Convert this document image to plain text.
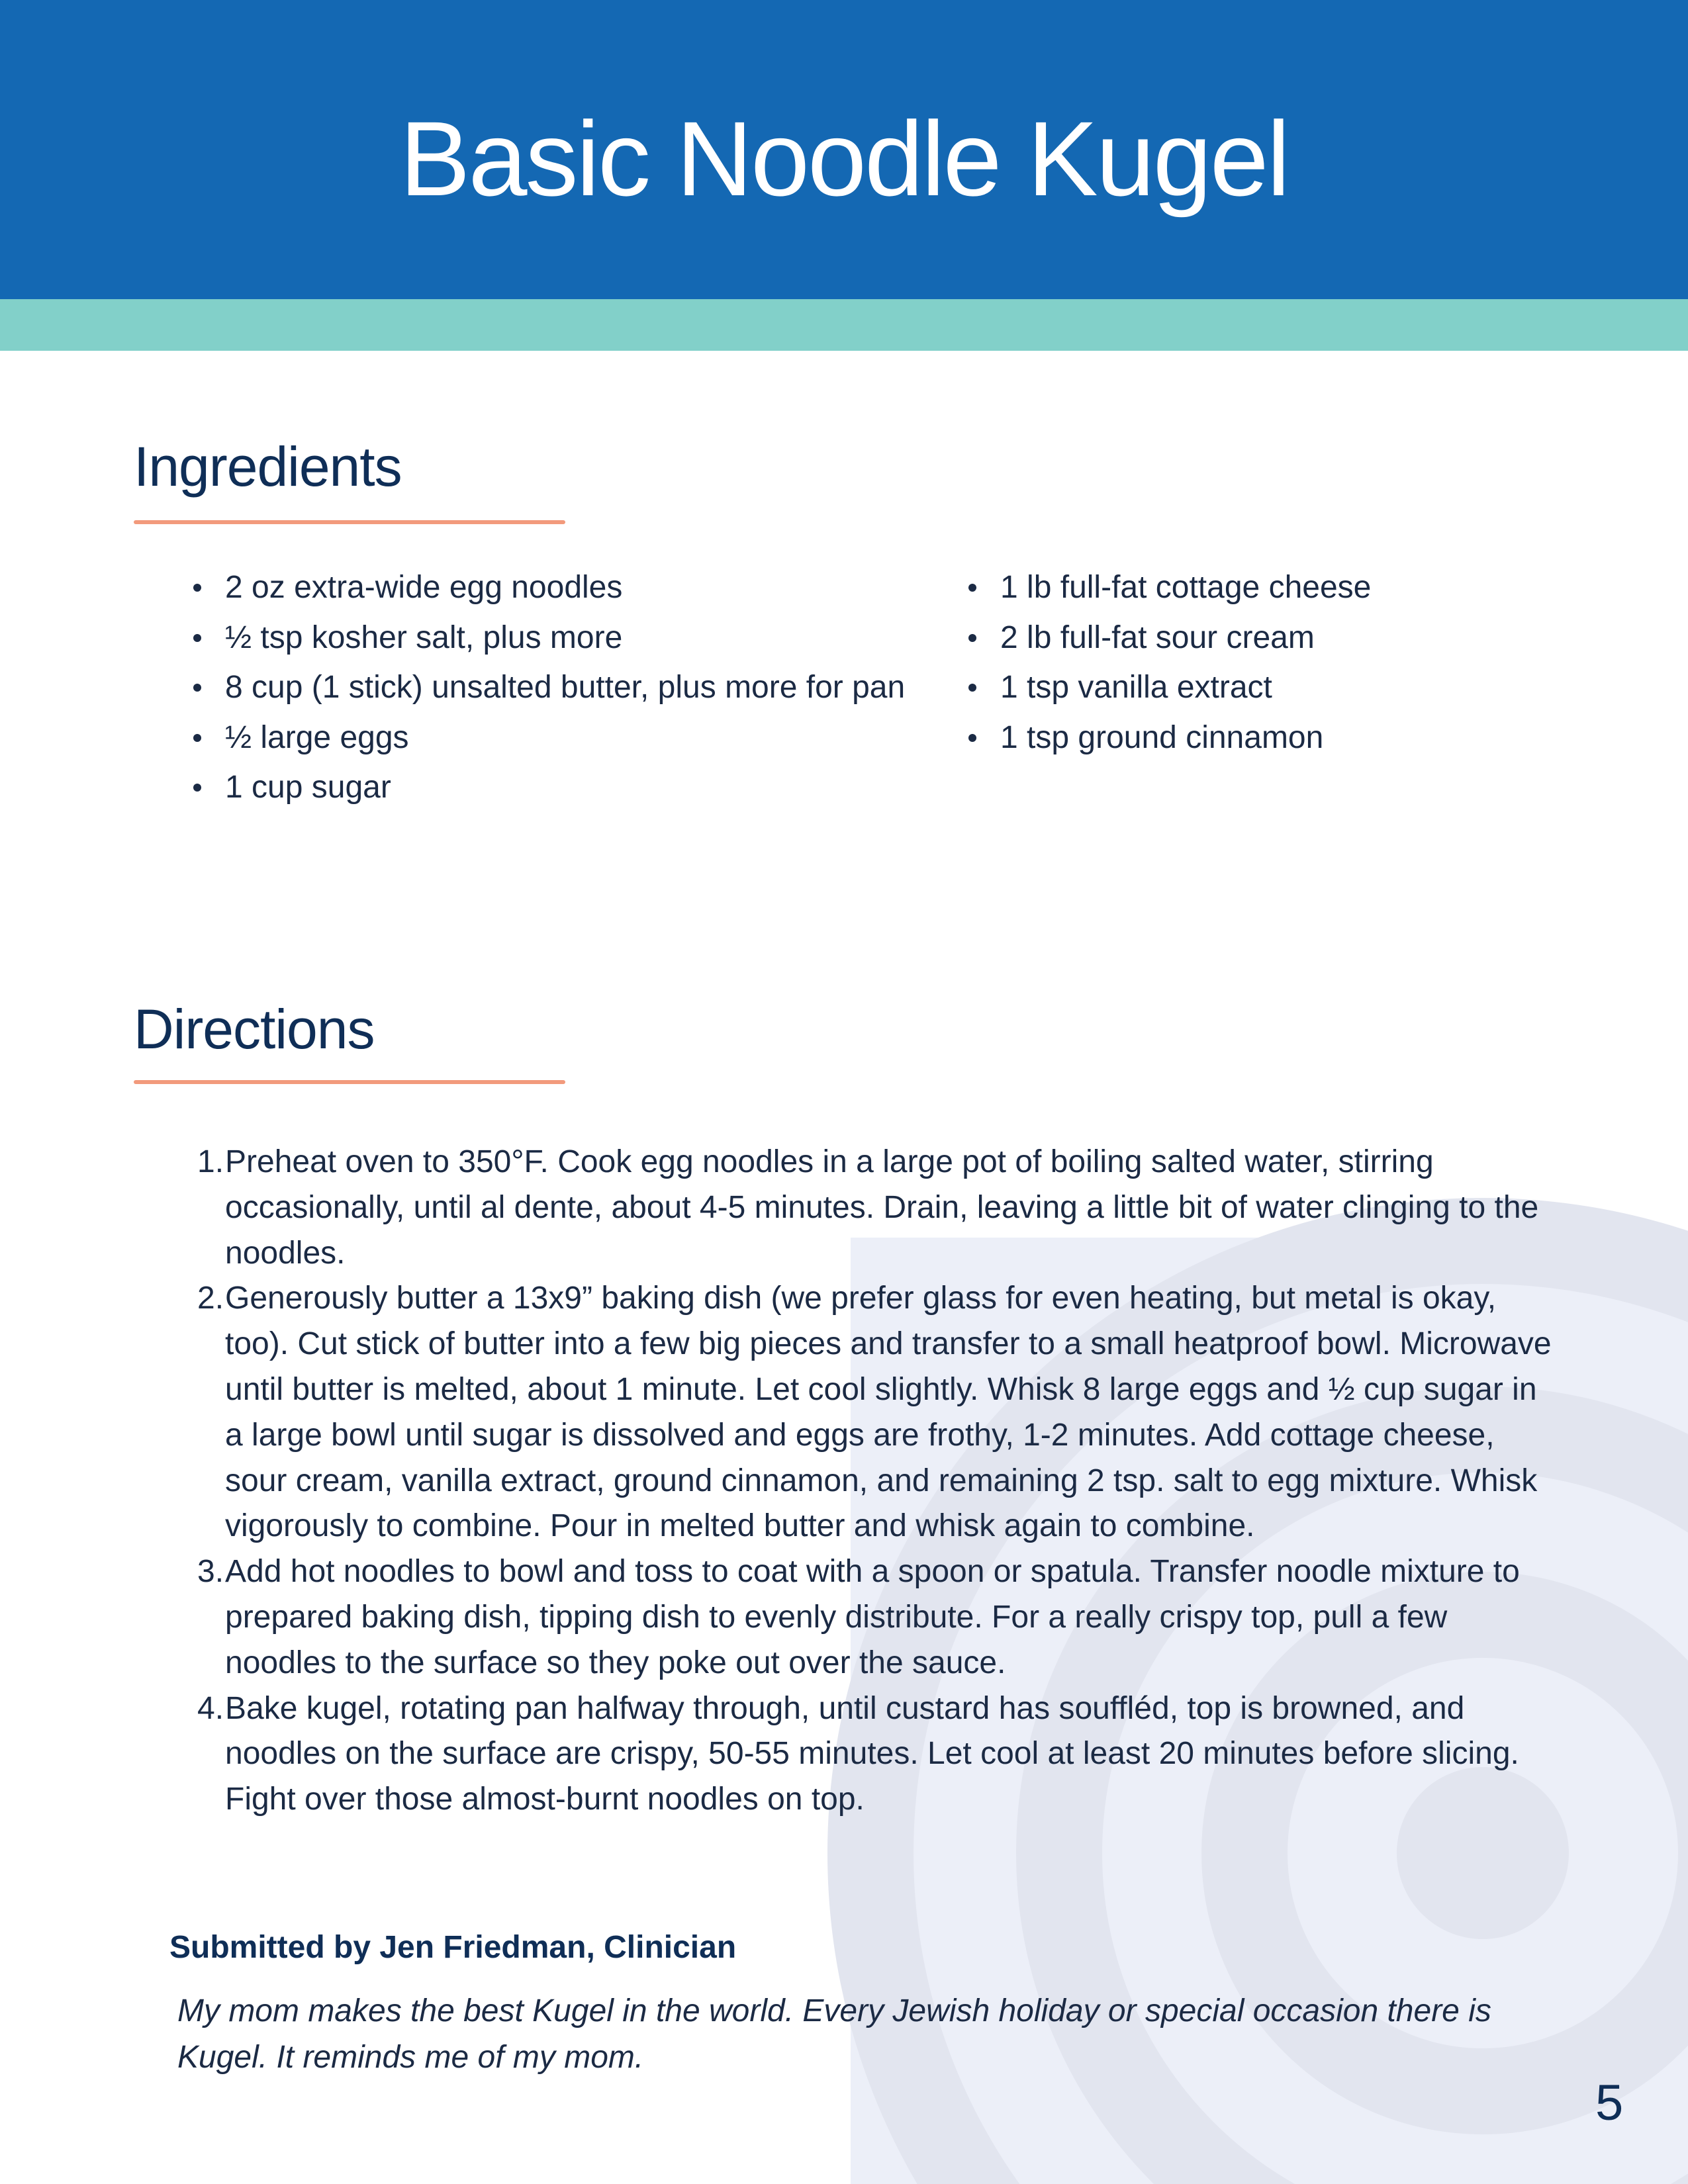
Basic Noodle Kugel
Ingredients
2 oz extra-wide egg noodles
½ tsp kosher salt, plus more
8 cup (1 stick) unsalted butter, plus more for pan
½ large eggs
1 cup sugar
1 lb full-fat cottage cheese
2 lb full-fat sour cream
1 tsp vanilla extract
1 tsp ground cinnamon
Directions
1. Preheat oven to 350°F. Cook egg noodles in a large pot of boiling salted water, stirring occasionally, until al dente, about 4-5 minutes. Drain, leaving a little bit of water clinging to the noodles.
2. Generously butter a 13x9” baking dish (we prefer glass for even heating, but metal is okay, too). Cut stick of butter into a few big pieces and transfer to a small heatproof bowl. Microwave until butter is melted, about 1 minute. Let cool slightly. Whisk 8 large eggs and ½ cup sugar in a large bowl until sugar is dissolved and eggs are frothy, 1-2 minutes. Add cottage cheese, sour cream, vanilla extract, ground cinnamon, and remaining 2 tsp. salt to egg mixture. Whisk vigorously to combine. Pour in melted butter and whisk again to combine.
3. Add hot noodles to bowl and toss to coat with a spoon or spatula. Transfer noodle mixture to prepared baking dish, tipping dish to evenly distribute. For a really crispy top, pull a few noodles to the surface so they poke out over the sauce.
4. Bake kugel, rotating pan halfway through, until custard has souffléd, top is browned, and noodles on the surface are crispy, 50-55 minutes. Let cool at least 20 minutes before slicing. Fight over those almost-burnt noodles on top.

Submitted by Jen Friedman, Clinician

My mom makes the best Kugel in the world. Every Jewish holiday or special occasion there is Kugel. It reminds me of my mom.

5
